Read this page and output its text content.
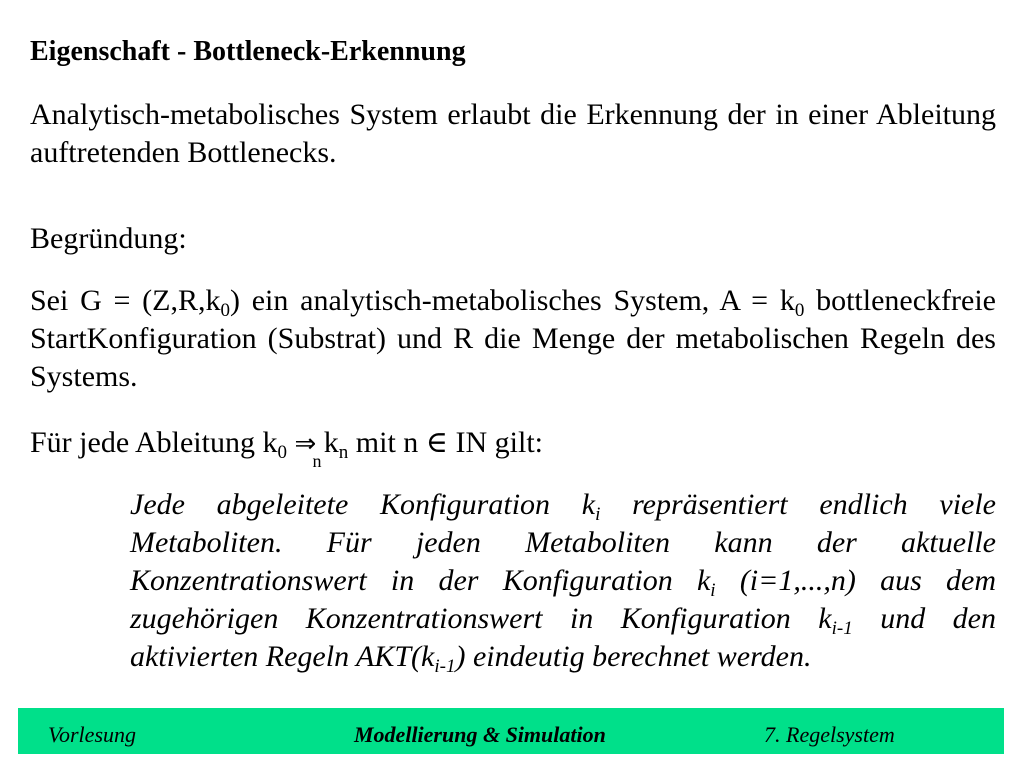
Eigenschaft - Bottleneck-Erkennung
Analytisch-metabolisches System erlaubt die Erkennung der in einer Ableitung auftretenden Bottlenecks.
Begründung:
Sei $G = (Z,R,k_0)$ ein analytisch-metabolisches System, $A = k_0$ bottleneckfreie StartKonfiguration (Substrat) und R die Menge der metabolischen Regeln des Systems.
Für jede Ableitung $k_0$ ⇒
n
$k_n$ mit n ∈ IN gilt:
Jede abgeleitete Konfiguration $k_i$ repräsentiert endlich viele Metaboliten. Für jeden Metaboliten kann der aktuelle Konzentrationswert in der Konfiguration $k_i$ (i=1,...,n) aus dem zugehörigen Konzentrationswert in Konfiguration $k_{i-1}$ und den aktivierten Regeln $AKT(k_{i-1})$ eindeutig berechnet werden.
Vorlesung	Modellierung & Simulation	7. Regelsystem
